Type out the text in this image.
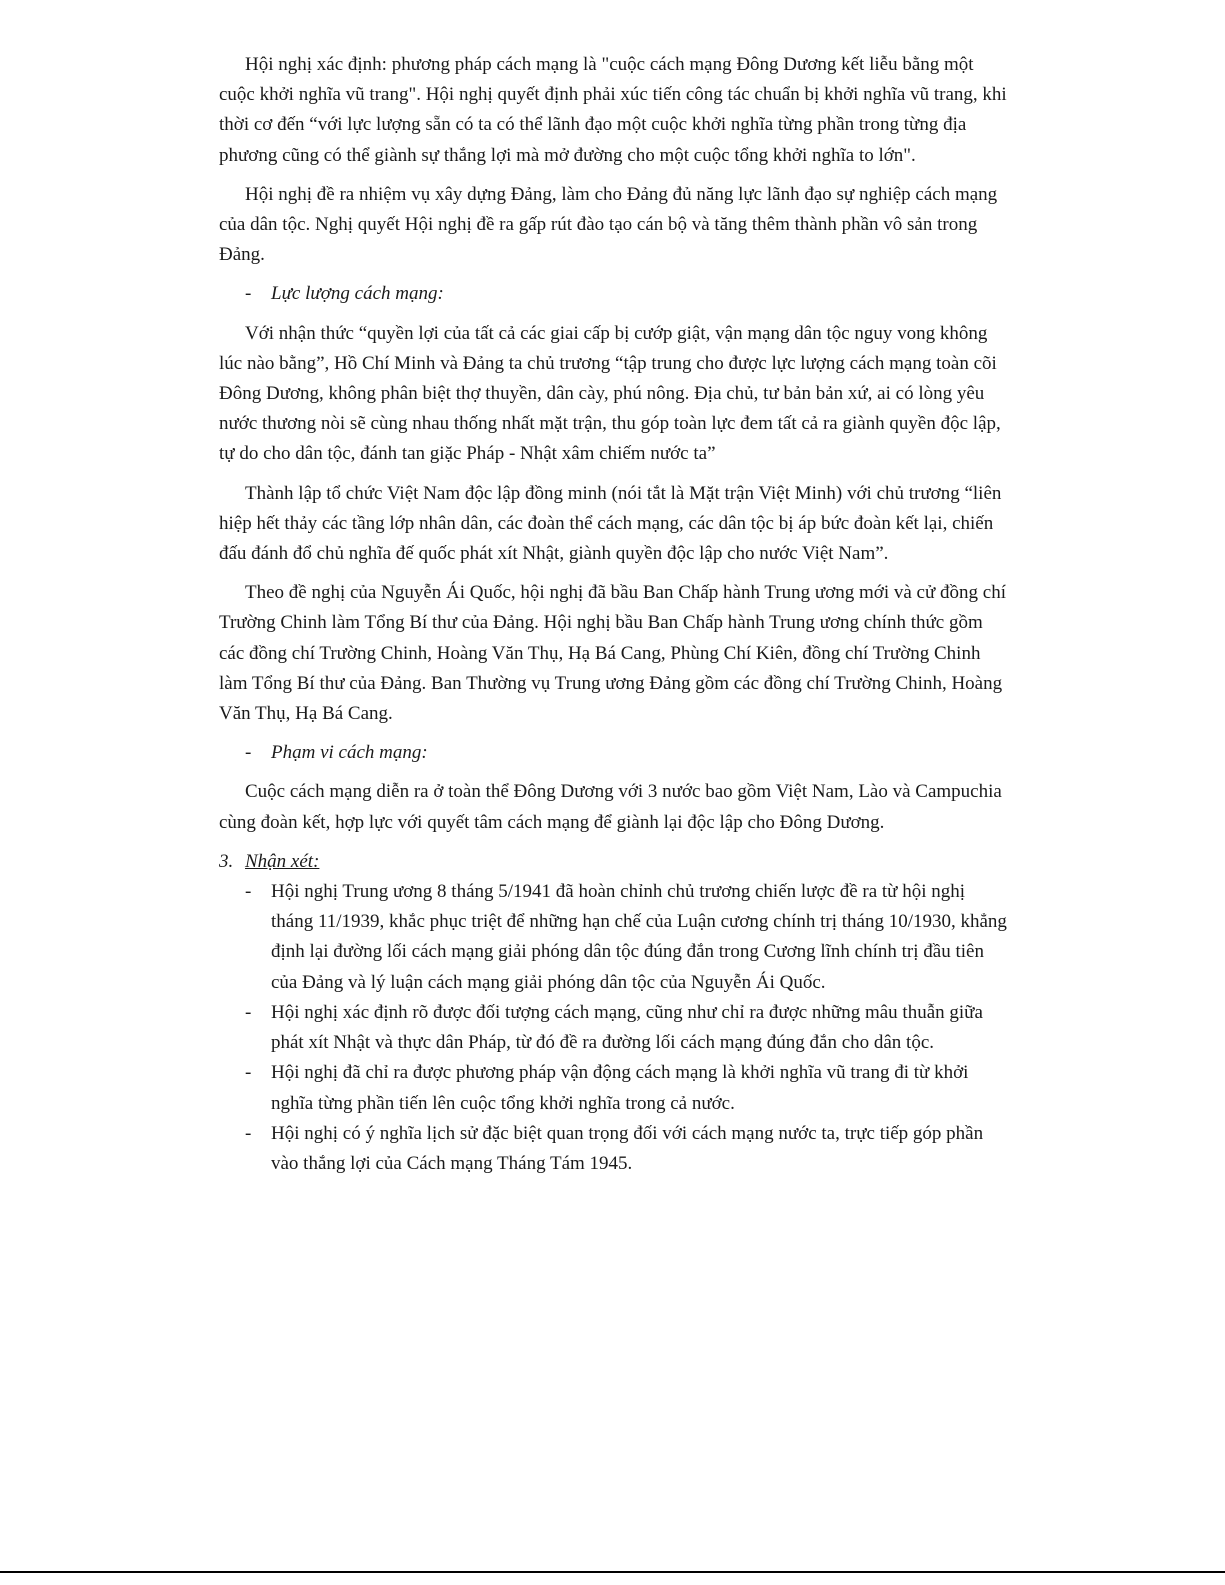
Hội nghị xác định: phương pháp cách mạng là "cuộc cách mạng Đông Dương kết liễu bằng một cuộc khởi nghĩa vũ trang". Hội nghị quyết định phải xúc tiến công tác chuẩn bị khởi nghĩa vũ trang, khi thời cơ đến “với lực lượng sẵn có ta có thể lãnh đạo một cuộc khởi nghĩa từng phần trong từng địa phương cũng có thể giành sự thắng lợi mà mở đường cho một cuộc tổng khởi nghĩa to lớn".

Hội nghị đề ra nhiệm vụ xây dựng Đảng, làm cho Đảng đủ năng lực lãnh đạo sự nghiệp cách mạng của dân tộc. Nghị quyết Hội nghị đề ra gấp rút đào tạo cán bộ và tăng thêm thành phần vô sản trong Đảng.

-	Lực lượng cách mạng:

Với nhận thức “quyền lợi của tất cả các giai cấp bị cướp giật, vận mạng dân tộc nguy vong không lúc nào bằng”, Hồ Chí Minh và Đảng ta chủ trương “tập trung cho được lực lượng cách mạng toàn cõi Đông Dương, không phân biệt thợ thuyền, dân cày, phú nông. Địa chủ, tư bản bản xứ, ai có lòng yêu nước thương nòi sẽ cùng nhau thống nhất mặt trận, thu góp toàn lực đem tất cả ra giành quyền độc lập, tự do cho dân tộc, đánh tan giặc Pháp - Nhật xâm chiếm nước ta”

Thành lập tổ chức Việt Nam độc lập đồng minh (nói tắt là Mặt trận Việt Minh) với chủ trương “liên hiệp hết thảy các tầng lớp nhân dân, các đoàn thể cách mạng, các dân tộc bị áp bức đoàn kết lại, chiến đấu đánh đổ chủ nghĩa đế quốc phát xít Nhật, giành quyền độc lập cho nước Việt Nam”.

Theo đề nghị của Nguyễn Ái Quốc, hội nghị đã bầu Ban Chấp hành Trung ương mới và cử đồng chí Trường Chinh làm Tổng Bí thư của Đảng. Hội nghị bầu Ban Chấp hành Trung ương chính thức gồm các đồng chí Trường Chinh, Hoàng Văn Thụ, Hạ Bá Cang, Phùng Chí Kiên, đồng chí Trường Chinh làm Tổng Bí thư của Đảng. Ban Thường vụ Trung ương Đảng gồm các đồng chí Trường Chinh, Hoàng Văn Thụ, Hạ Bá Cang.

-	Phạm vi cách mạng:

Cuộc cách mạng diễn ra ở toàn thể Đông Dương với 3 nước bao gồm Việt Nam, Lào và Campuchia cùng đoàn kết, hợp lực với quyết tâm cách mạng để giành lại độc lập cho Đông Dương.

3. Nhận xét:
-	Hội nghị Trung ương 8 tháng 5/1941 đã hoàn chỉnh chủ trương chiến lược đề ra từ hội nghị tháng 11/1939, khắc phục triệt để những hạn chế của Luận cương chính trị tháng 10/1930, khẳng định lại đường lối cách mạng giải phóng dân tộc đúng đắn trong Cương lĩnh chính trị đầu tiên của Đảng và lý luận cách mạng giải phóng dân tộc của Nguyễn Ái Quốc.
-	Hội nghị xác định rõ được đối tượng cách mạng, cũng như chỉ ra được những mâu thuẫn giữa phát xít Nhật và thực dân Pháp, từ đó đề ra đường lối cách mạng đúng đắn cho dân tộc.
-	Hội nghị đã chỉ ra được phương pháp vận động cách mạng là khởi nghĩa vũ trang đi từ khởi nghĩa từng phần tiến lên cuộc tổng khởi nghĩa trong cả nước.
-	Hội nghị có ý nghĩa lịch sử đặc biệt quan trọng đối với cách mạng nước ta, trực tiếp góp phần vào thắng lợi của Cách mạng Tháng Tám 1945.
